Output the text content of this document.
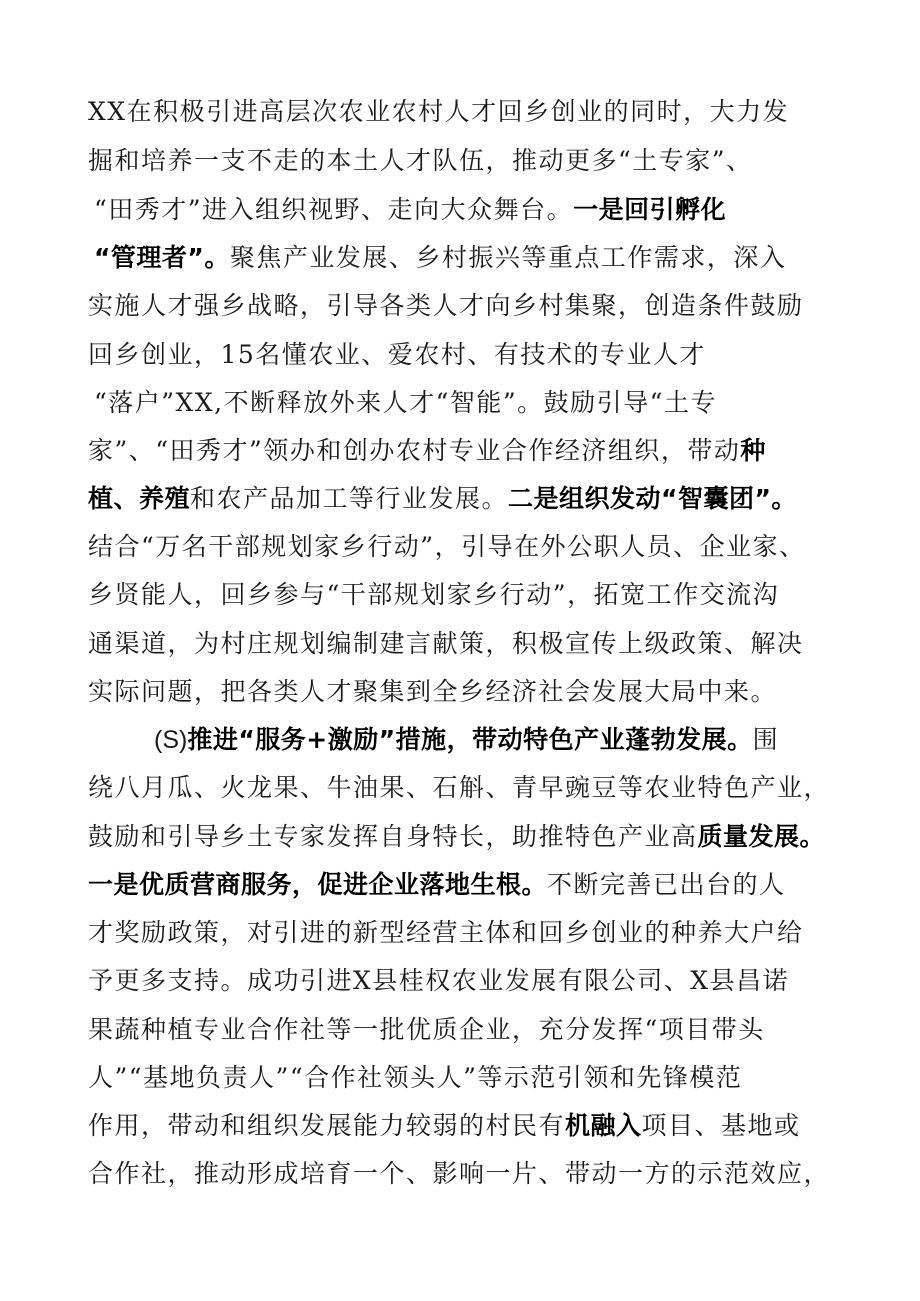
XX在积极引进高层次农业农村人才回乡创业的同时，大力发
掘和培养一支不走的本土人才队伍，推动更多“土专家”、
“田秀才”进入组织视野、走向大众舞台。一是回引孵化
“管理者”。聚焦产业发展、乡村振兴等重点工作需求，深入
实施人才强乡战略，引导各类人才向乡村集聚，创造条件鼓励
回乡创业，15名懂农业、爱农村、有技术的专业人才
“落户”XX,不断释放外来人才“智能”。鼓励引导“土专
家”、“田秀才”领办和创办农村专业合作经济组织，带动种
植、养殖和农产品加工等行业发展。二是组织发动“智囊团”。
结合“万名干部规划家乡行动”，引导在外公职人员、企业家、
乡贤能人，回乡参与“干部规划家乡行动”，拓宽工作交流沟
通渠道，为村庄规划编制建言献策，积极宣传上级政策、解决
实际问题，把各类人才聚集到全乡经济社会发展大局中来。
(S)推进“服务+激励”措施，带动特色产业蓬勃发展。围
绕八月瓜、火龙果、牛油果、石斛、青早豌豆等农业特色产业，
鼓励和引导乡土专家发挥自身特长，助推特色产业高质量发展。
一是优质营商服务，促进企业落地生根。不断完善已出台的人
才奖励政策，对引进的新型经营主体和回乡创业的种养大户给
予更多支持。成功引进X县桂权农业发展有限公司、X县昌诺
果蔬种植专业合作社等一批优质企业，充分发挥“项目带头
人”“基地负责人”“合作社领头人”等示范引领和先锋模范
作用，带动和组织发展能力较弱的村民有机融入项目、基地或
合作社，推动形成培育一个、影响一片、带动一方的示范效应，
